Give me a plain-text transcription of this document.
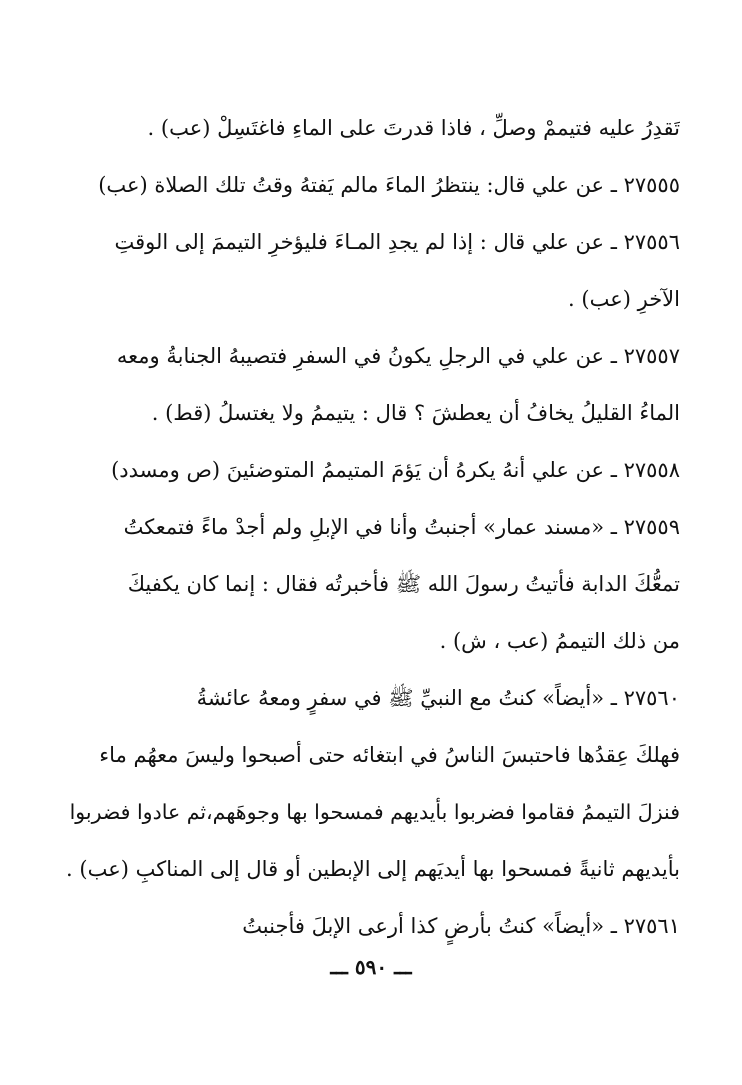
تَقدِرُ عليه فتيممْ وصلِّ ، فاذا قدرتَ على الماءِ فاغتَسِلْ (عب) .
٢٧٥٥٥ ـ عن علي قال: ينتظرُ الماءَ مالم يَفتهُ وقتُ تلك الصلاة (عب)
٢٧٥٥٦ ـ عن علي قال : إذا لم يجدِ المـاءَ فليؤخرِ التيممَ إلى الوقتِ
الآخرِ (عب) .
٢٧٥٥٧ ـ عن علي في الرجلِ يكونُ في السفرِ فتصيبهُ الجنابةُ ومعه
الماءُ القليلُ يخافُ أن يعطشَ ؟ قال : يتيممُ ولا يغتسلُ (قط) .
٢٧٥٥٨ ـ عن علي أنهُ يكرهُ أن يَؤمَ المتيممُ المتوضئينَ (ص ومسدد)
٢٧٥٥٩ ـ «مسند عمار» أجنبتُ وأنا في الإبلِ ولم أجدْ ماءً فتمعكتُ
تمعُّكَ الدابة فأتيتُ رسولَ الله ﷺ فأخبرتُه فقال : إنما كان يكفيكَ
من ذلك التيممُ (عب ، ش) .
٢٧٥٦٠ ـ «أيضاً» كنتُ مع النبيِّ ﷺ في سفرٍ ومعهُ عائشةُ
فهلكَ عِقدُها فاحتبسَ الناسُ في ابتغائه حتى أصبحوا وليسَ معهُم ماء
فنزلَ التيممُ فقاموا فضربوا بأيديهم فمسحوا بها وجوهَهم،ثم عادوا فضربوا
بأيديهم ثانيةً فمسحوا بها أيديَهم إلى الإبطين أو قال إلى المناكبِ (عب) .
٢٧٥٦١ ـ «أيضاً» كنتُ بأرضٍ كذا أرعى الإبلَ فأجنبتُ
ـــ ٥٩٠ ـــ
